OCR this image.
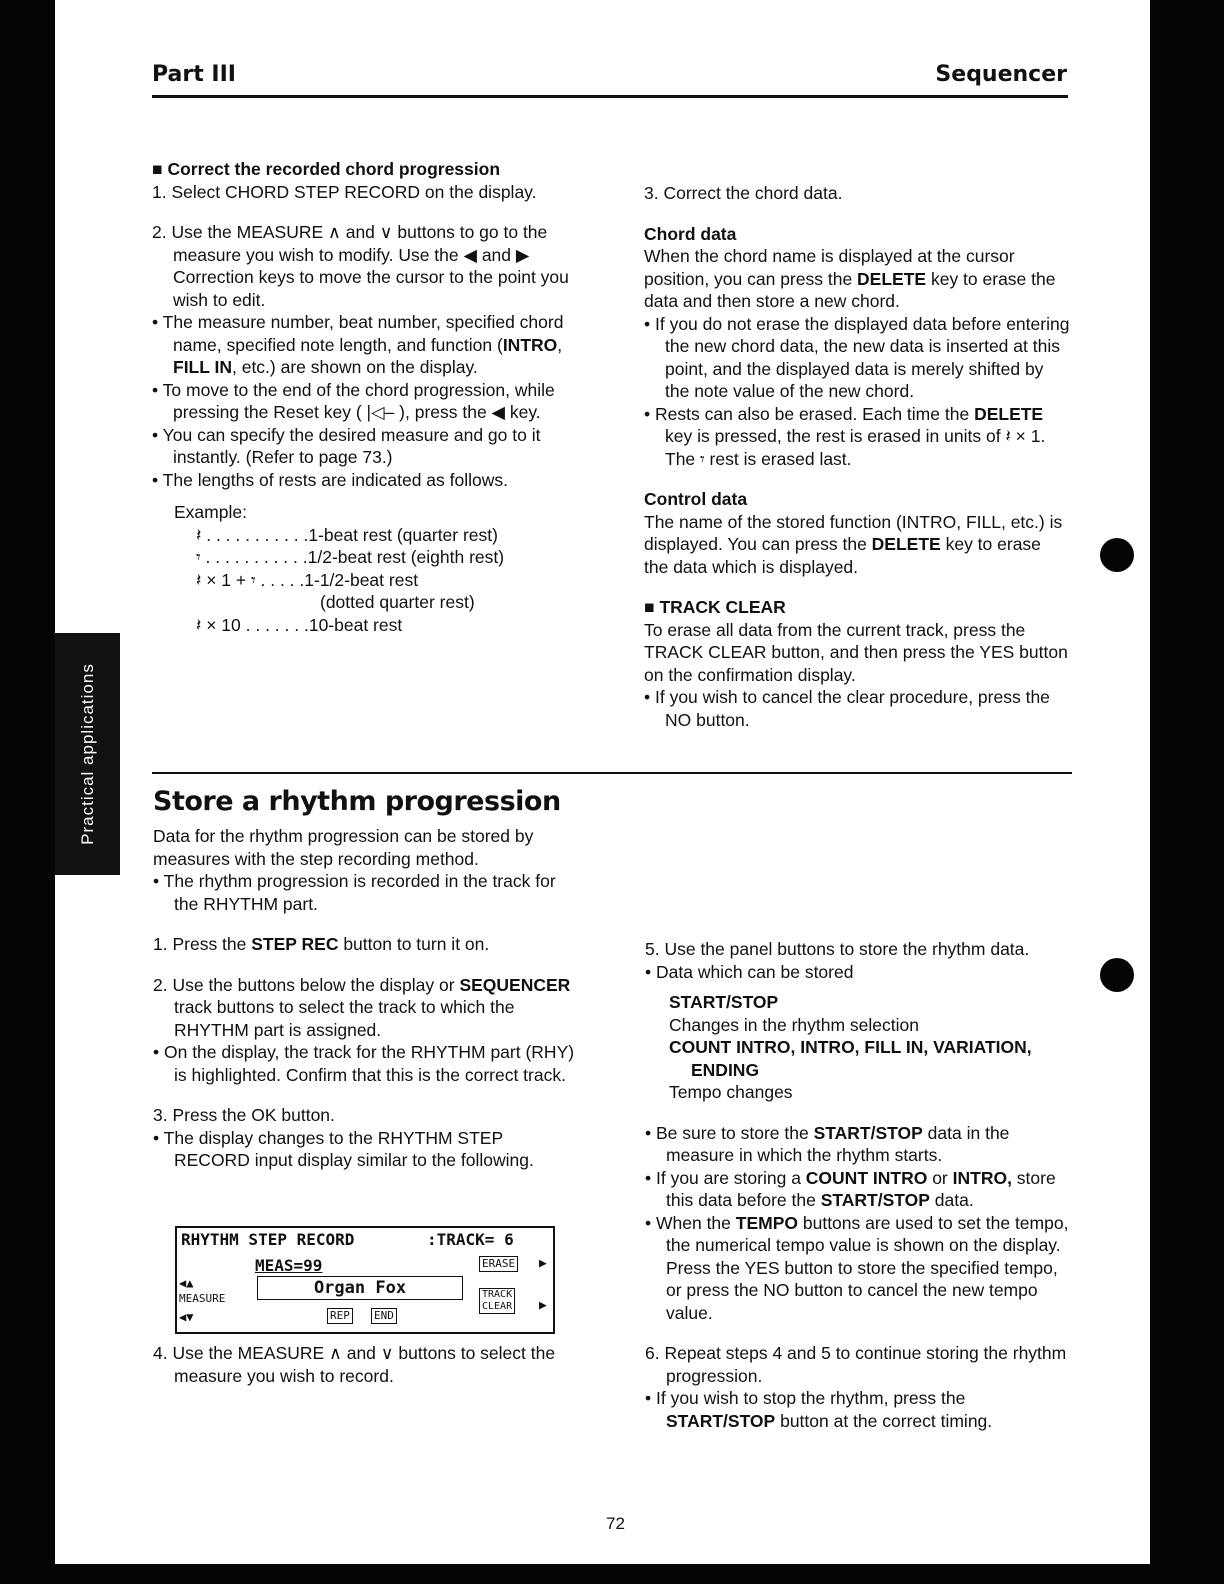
Practical applications
Part III	Sequencer

■ Correct the recorded chord progression

1. Select CHORD STEP RECORD on the display.

2. Use the MEASURE ∧ and ∨ buttons to go to the measure you wish to modify. Use the ◀ and ▶ Correction keys to move the cursor to the point you wish to edit.

• The measure number, beat number, specified chord name, specified note length, and function (INTRO, FILL IN, etc.) are shown on the display.

• To move to the end of the chord progression, while pressing the Reset key ( |◁– ), press the ◀ key.

• You can specify the desired measure and go to it instantly. (Refer to page 73.)

• The lengths of rests are indicated as follows.

Example:

𝄽 . . . . . . . . . . .1-beat rest (quarter rest)

𝄾 . . . . . . . . . . .1/2-beat rest (eighth rest)

𝄽 × 1 + 𝄾 . . . . .1-1/2-beat rest

(dotted quarter rest)

𝄽 × 10 . . . . . . .10-beat rest

3. Correct the chord data.

Chord data

When the chord name is displayed at the cursor position, you can press the DELETE key to erase the data and then store a new chord.

• If you do not erase the displayed data before entering the new chord data, the new data is inserted at this point, and the displayed data is merely shifted by the note value of the new chord.

• Rests can also be erased. Each time the DELETE key is pressed, the rest is erased in units of 𝄽 × 1. The 𝄾 rest is erased last.

Control data

The name of the stored function (INTRO, FILL, etc.) is displayed. You can press the DELETE key to erase the data which is displayed.

■ TRACK CLEAR

To erase all data from the current track, press the TRACK CLEAR button, and then press the YES button on the confirmation display.

• If you wish to cancel the clear procedure, press the NO button.

Store a rhythm progression

Data for the rhythm progression can be stored by measures with the step recording method.

• The rhythm progression is recorded in the track for the RHYTHM part.

1. Press the STEP REC button to turn it on.

2. Use the buttons below the display or SEQUENCER track buttons to select the track to which the RHYTHM part is assigned.

• On the display, the track for the RHYTHM part (RHY) is highlighted. Confirm that this is the correct track.

3. Press the OK button.

• The display changes to the RHYTHM STEP RECORD input display similar to the following.

RHYTHM STEP RECORD	:TRACK= 6
MEAS=99	ERASE ▶
◀▲
MEASURE
◀▼
Organ Fox	TRACK
CLEAR ▶
REP END

4. Use the MEASURE ∧ and ∨ buttons to select the measure you wish to record.

5. Use the panel buttons to store the rhythm data.

• Data which can be stored

START/STOP

Changes in the rhythm selection

COUNT INTRO, INTRO, FILL IN, VARIATION,

ENDING

Tempo changes

• Be sure to store the START/STOP data in the measure in which the rhythm starts.

• If you are storing a COUNT INTRO or INTRO, store this data before the START/STOP data.

• When the TEMPO buttons are used to set the tempo, the numerical tempo value is shown on the display. Press the YES button to store the specified tempo, or press the NO button to cancel the new tempo value.

6. Repeat steps 4 and 5 to continue storing the rhythm progression.

• If you wish to stop the rhythm, press the START/STOP button at the correct timing.

72
